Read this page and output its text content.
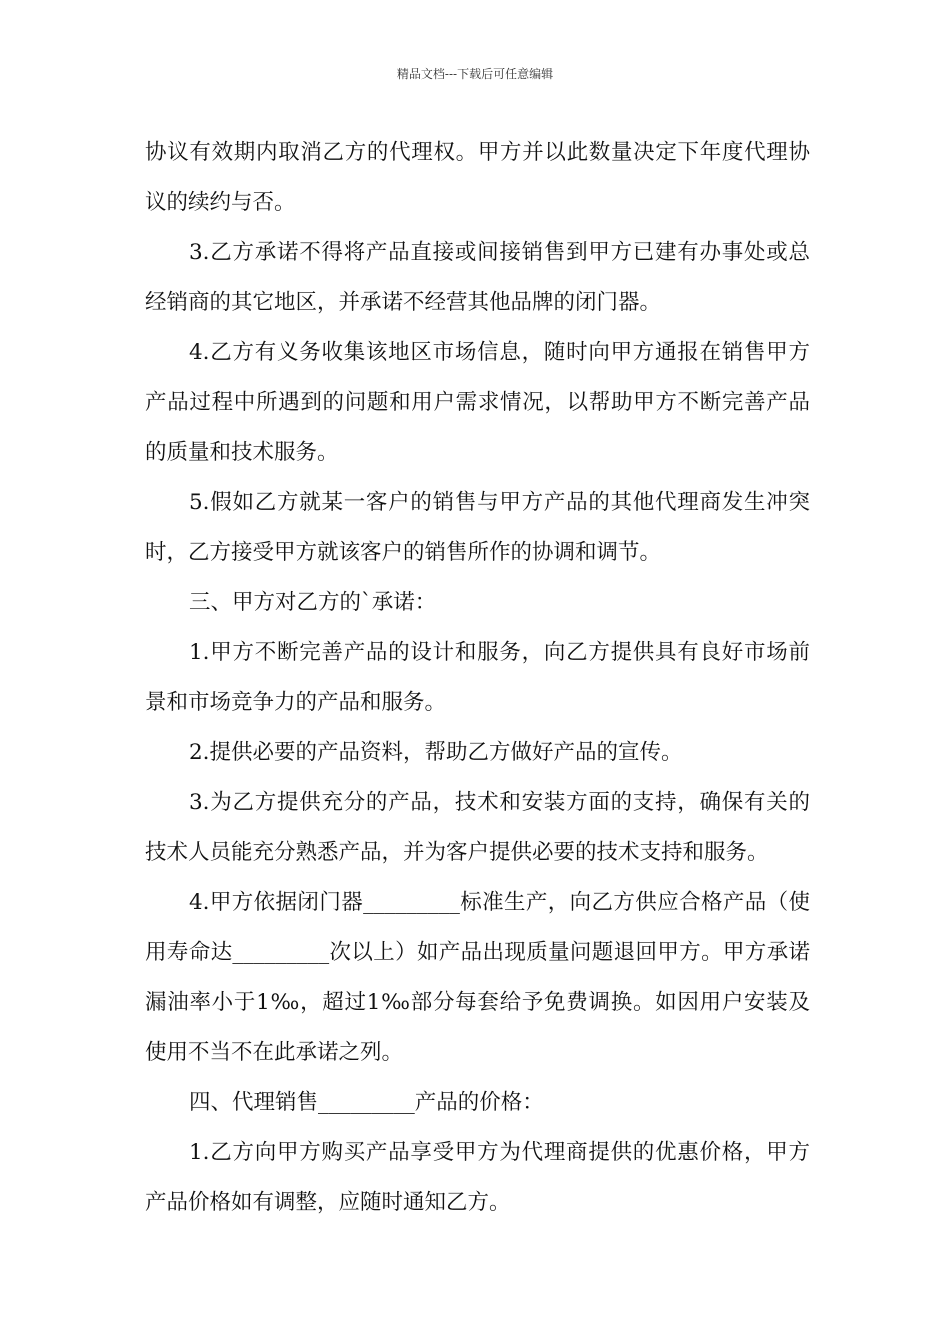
精品文档---下载后可任意编辑

协议有效期内取消乙方的代理权。甲方并以此数量决定下年度代理协议的续约与否。

3.乙方承诺不得将产品直接或间接销售到甲方已建有办事处或总经销商的其它地区，并承诺不经营其他品牌的闭门器。

4.乙方有义务收集该地区市场信息，随时向甲方通报在销售甲方产品过程中所遇到的问题和用户需求情况，以帮助甲方不断完善产品的质量和技术服务。

5.假如乙方就某一客户的销售与甲方产品的其他代理商发生冲突时，乙方接受甲方就该客户的销售所作的协调和调节。

三、甲方对乙方的`承诺：

1.甲方不断完善产品的设计和服务，向乙方提供具有良好市场前景和市场竞争力的产品和服务。

2.提供必要的产品资料，帮助乙方做好产品的宣传。

3.为乙方提供充分的产品，技术和安装方面的支持，确保有关的技术人员能充分熟悉产品，并为客户提供必要的技术支持和服务。

4.甲方依据闭门器_________标准生产，向乙方供应合格产品（使用寿命达_________次以上）如产品出现质量问题退回甲方。甲方承诺漏油率小于1‰，超过1‰部分每套给予免费调换。如因用户安装及使用不当不在此承诺之列。

四、代理销售_________产品的价格：

1.乙方向甲方购买产品享受甲方为代理商提供的优惠价格，甲方产品价格如有调整，应随时通知乙方。
